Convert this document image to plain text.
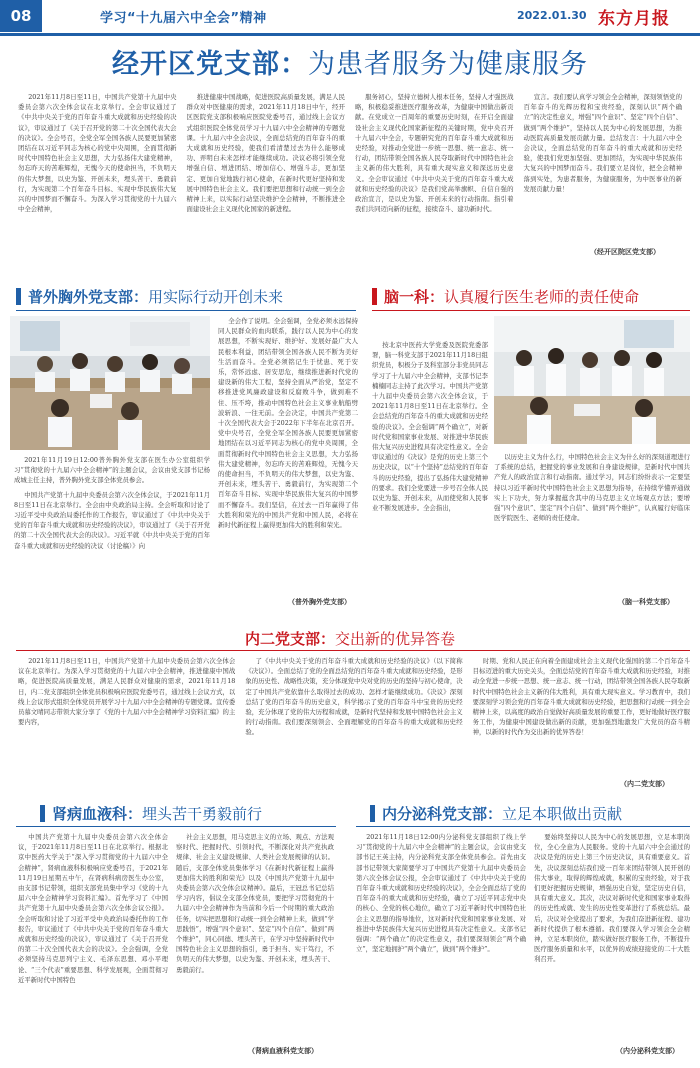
08	学习“十九届六中全会”精神	2022.01.30 东方月报
经开区党支部：为患者服务为健康服务

2021年11月8日至11日，中国共产党第十九届中央委员会第六次全体会议在北京举行。全会审议通过了《中共中央关于党的百年奋斗重大成就和历史经验的决议》，审议通过了《关于召开党的第二十次全国代表大会的决议》。全会号召，全党全军全国各族人民要更加紧密团结在以习近平同志为核心的党中央周围，全面贯彻新时代中国特色社会主义思想，大力弘扬伟大建党精神，勿忘昨天的苦难辉煌，无愧今天的使命担当，不负明天的伟大梦想，以史为鉴、开创未来，埋头苦干、勇毅前行，为实现第二个百年奋斗目标、实现中华民族伟大复兴的中国梦而不懈奋斗。为深入学习贯彻党的十九届六中全会精神，

推进健康中国战略，促进医院高质量发展，满足人民群众对中医健康的需求，2021年11月18日中午，经开区医院党支部积极响应医院党委号召，通过线上会议方式组织医院全体党员学习十九届六中全会精神的专题党课。十九届六中全会决议，全面总结党的百年奋斗的重大成就和历史经验，使我们看清楚过去为什么能够成功、弄明白未来怎样才能继续成功。决议必将引领全党增强自信、增进团结、增加信心、增强斗志，更加坚定、更加自觉地践行初心使命，在新时代更好坚持和发展中国特色社会主义。我们要把思想和行动统一到全会精神上来，以实际行动坚决维护全会精神，不断推进全面建设社会主义现代化国家的新进程。

服务初心，坚持立德树人根本任务，坚持人才强医战略，积极稳妥推进医疗服务改革，为健康中国做出新贡献。在党成立一百周年的重要历史时刻，在开启全面建设社会主义现代化国家新征程的关键时期，党中央召开十九届六中全会，专题研究党的百年奋斗重大成就和历史经验，对推动全党进一步统一思想、统一意志、统一行动，团结带领全国各族人民夺取新时代中国特色社会主义新的伟大胜利，具有重大现实意义和深远历史意义。全会审议通过《中共中央关于党的百年奋斗重大成就和历史经验的决议》是我们党高举旗帜、自信自强的政治宣言，是以史为鉴、开创未来的行动指南。指引着我们共同迈向新的征程，接续奋斗、建功新时代。

宣言。我们要认真学习领会全会精神，深刻领悟党的百年奋斗的光辉历程和宝贵经验，深刻认识“两个确立”的决定性意义，增强“四个意识”、坚定“四个自信”、做到“两个维护”，坚持以人民为中心的发展思想，为推动医院高质量发展贡献力量。总结发言：十九届六中全会决议，全面总结党的百年奋斗的重大成就和历史经验，使我们党更加坚强、更加团结，为实现中华民族伟大复兴的中国梦而奋斗。我们要立足岗位，把全会精神落到实处，为患者服务，为健康服务，为中医事业的新发展贡献力量！

（经开区院区党支部）
普外胸外党支部：用实际行动开创未来

2021年11月19日12:00普外胸外党支部在医生办公室组织学习“贯彻党的十九届六中全会精神”的主题会议，会议由党支部书记杨成城主任主持，普外胸外党支部全体党员参会。

中国共产党第十九届中央委员会第六次全体会议，于2021年11月8日至11日在北京举行。全会由中央政治局主持。全会听取和讨论了习近平受中央政治局委托作的工作报告，审议通过了《中共中央关于党的百年奋斗重大成就和历史经验的决议》，审议通过了《关于召开党的第二十次全国代表大会的决议》。习近平就《中共中央关于党的百年奋斗重大成就和历史经验的决议（讨论稿）》向

全会作了说明。全会强调，全党必须永远保持同人民群众的血肉联系，践行以人民为中心的发展思想，不断实现好、维护好、发展好最广大人民根本利益，团结带领全国各族人民不断为美好生活而奋斗。全党必须铭记生于忧患、死于安乐，常怀远虑、居安思危，继续推进新时代党的建设新的伟大工程，坚持全面从严治党，坚定不移推进党风廉政建设和反腐败斗争，做到难不住、压不垮，推动中国特色社会主义事业航船劈波斩浪、一往无前。全会决定，中国共产党第二十次全国代表大会于2022年下半年在北京召开。党中央号召，全党全军全国各族人民要更加紧密地团结在以习近平同志为核心的党中央周围，全面贯彻新时代中国特色社会主义思想，大力弘扬伟大建党精神，勿忘昨天的苦难辉煌，无愧今天的使命担当，不负明天的伟大梦想，以史为鉴、开创未来，埋头苦干、勇毅前行，为实现第二个百年奋斗目标、实现中华民族伟大复兴的中国梦而不懈奋斗。我们坚信，在过去一百年赢得了伟大胜利和荣光的中国共产党和中国人民，必将在新时代新征程上赢得更加伟大的胜利和荣光。

（普外胸外党支部）
脑一科：认真履行医生老师的责任使命

按北京中医药大学党委及医院党委部署，脑一科党支部于2021年11月18日组织党员，积极分子及科室部分非党员同志学习了十九届六中全会精神，支部书记李楠楠同志主持了此次学习。中国共产党第十九届中央委员会第六次全体会议，于2021年11月8日至11日在北京举行。全会总结党的百年奋斗的重大成就和历史经验的决议》。全会强调“两个确立”，对新时代党和国家事业发展、对推进中华民族伟大复兴历史进程具有决定性意义。全会审议通过的《决议》是党的历史上第三个历史决议，以“十个坚持”总结党的百年奋斗的历史经验，提出了弘扬伟大建党精神的要求。我们全党要进一步号召全体人民以史为鉴、开创未来，从而使党和人民事业不断发展进步。全会指出，

以历史主义为什么行，中国特色社会主义为什么好的深刻道理进行了系统的总结，把握党的事业发展和自身建设规律，是新时代中国共产党人的政治宣言和行动指南。通过学习，同志们纷纷表示一定要坚持以习近平新时代中国特色社会主义思想为指导，在持续学懂弄通做实上下功夫，努力掌握蕴含其中的马克思主义立场观点方法；要增强“四个意识”、坚定“四个自信”、做到“两个维护”，认真履行好临床医学院医生、老师的责任使命。

（脑一科党支部）
内二党支部：交出新的优异答卷

2021年11月8日至11日，中国共产党第十九届中央委员会第六次全体会议在北京举行。为深入学习贯彻党的十九届六中全会精神，推进健康中国战略，促进医院高质量发展，满足人民群众对健康的需求，2021年11月18日，内二党支部组织全体党员积极响应医院党委号召，通过线上会议方式，以线上会议形式组织全体党员开展学习十九届六中全会精神的专题党课。宣传委员慕文晴同志带领大家分享了《党的十九届六中全会精神学习资料汇编》的主要内容，

了《中共中央关于党的百年奋斗重大成就和历史经验的决议》（以下简称《决议》）。全面总结了党的全面总结党的百年奋斗重大成就和历史经验，是形象的历史性、战略性决策，充分体现党中央对党的历史的坚持与初心使命，决定了中国共产党依靠什么取得过去的成功、怎样才能继续成功。《决议》深刻总结了党的百年奋斗的历史意义，科学揭示了党的百年奋斗中宝贵的历史经验，充分体现了党的伟大历程和成就，是新时代坚持和发展中国特色社会主义的行动指南。我们要深刻领会、全面理解党的百年奋斗的重大成就和历史经验。

时期、党和人民正在向着全面建成社会主义现代化强国的第二个百年奋斗目标迈进的重大历史关头，全面总结党的百年奋斗重大成就和历史经验，对推动全党进一步统一思想、统一意志、统一行动，团结带领全国各族人民夺取新时代中国特色社会主义新的伟大胜利，具有重大现实意义。学习教育中，我们要深刻学习领会党的百年奋斗重大成就和历史经验，把思想和行动统一到全会精神上来，以高度的政治自觉做好高质量发展的重要工作，更好地做好医疗服务工作，为健康中国建设做出新的贡献，更加强烈地激发广大党员的奋斗精神，以新的时代作为交出新的优异答卷！

（内二党支部）
肾病血液科：埋头苦干勇毅前行

中国共产党第十九届中央委员会第六次全体会议，于2021年11月8日至11日在北京举行。根据北京中医药大学关于“深入学习贯彻党的十九届六中全会精神”，肾病血液科积极响应党委号召，于2021年11月19日星期五中午，在肾病科病房医生办公室，由支部书记带领，组织支部党员集中学习《党的十九届六中全会精神学习资料汇编》。首先学习了《中国共产党第十九届中央委员会第六次全体会议公报》。全会听取和讨论了习近平受中央政治局委托作的工作报告，审议通过了《中共中央关于党的百年奋斗重大成就和历史经验的决议》，审议通过了《关于召开党的第二十次全国代表大会的决议》。全会强调，全党必须坚持马克思列宁主义、毛泽东思想、邓小平理论、“三个代表”重要思想、科学发展观，全面贯彻习近平新时代中国特色

社会主义思想，用马克思主义的立场、观点、方法观察时代、把握时代、引领时代，不断深化对共产党执政规律、社会主义建设规律、人类社会发展规律的认识。随后，支部全体党员集体学习《在新时代新征程上赢得更加伟大的胜利和荣光》以及《中国共产党第十九届中央委员会第六次全体会议精神》。最后，王冠总书记总结学习内容，倡议全支部全体党员，要把学习贯彻党的十九届六中全会精神作为当前和今后一个时期的重大政治任务，切实把思想和行动统一到全会精神上来，做到“学思践悟”，增强“四个意识”、坚定“四个自信”、做到“两个维护”，同心同德、埋头苦干，在学习中坚持新时代中国特色社会主义思想的指引，勇于担当、实干笃行，不负明天的伟大梦想，以史为鉴、开创未来，埋头苦干、勇毅前行。

（肾病血液科党支部）
内分泌科党支部：立足本职做出贡献

2021年11月18日12:00内分泌科党支部组织了线上学习“贯彻党的十九届六中全会精神”的主题会议，会议由党支部书记王英主持，内分泌科党支部全体党员参会。首先由支部书记带领大家简要学习了中国共产党第十九届中央委员会第六次全体会议公报，全会审议通过了《中共中央关于党的百年奋斗重大成就和历史经验的决议》，全会全面总结了党的百年奋斗的重大成就和历史经验，确立了习近平同志党中央的核心、全党的核心地位，确立了习近平新时代中国特色社会主义思想的指导地位，这对新时代党和国家事业发展、对推进中华民族伟大复兴历史进程具有决定性意义。支部书记强调：“两个确立”的决定性意义，我们要深刻领会“两个确立”，坚定地拥护“两个确立”，做到“两个维护”。

要始终坚持以人民为中心的发展思想，立足本职岗位，全心全意为人民服务。党的十九届六中全会通过的决议是党的历史上第三个历史决议，具有重要意义。首先，决议深刻总结我们党一百年来团结带领人民开创的伟大事业，取得的辉煌成就，积累的宝贵经验，对于我们更好把握历史规律，增强历史自觉，坚定历史自信，具有重大意义。其次，决议对新时代党和国家事业取得的历史性成就、发生的历史性变革进行了系统总结。最后，决议对全党提出了要求，为我们奋进新征程、建功新时代提供了根本遵循。我们要深入学习领会全会精神，立足本职岗位，踏实做好医疗服务工作，不断提升医疗服务质量和水平，以优异的成绩迎接党的二十大胜利召开。

（内分泌科党支部）
